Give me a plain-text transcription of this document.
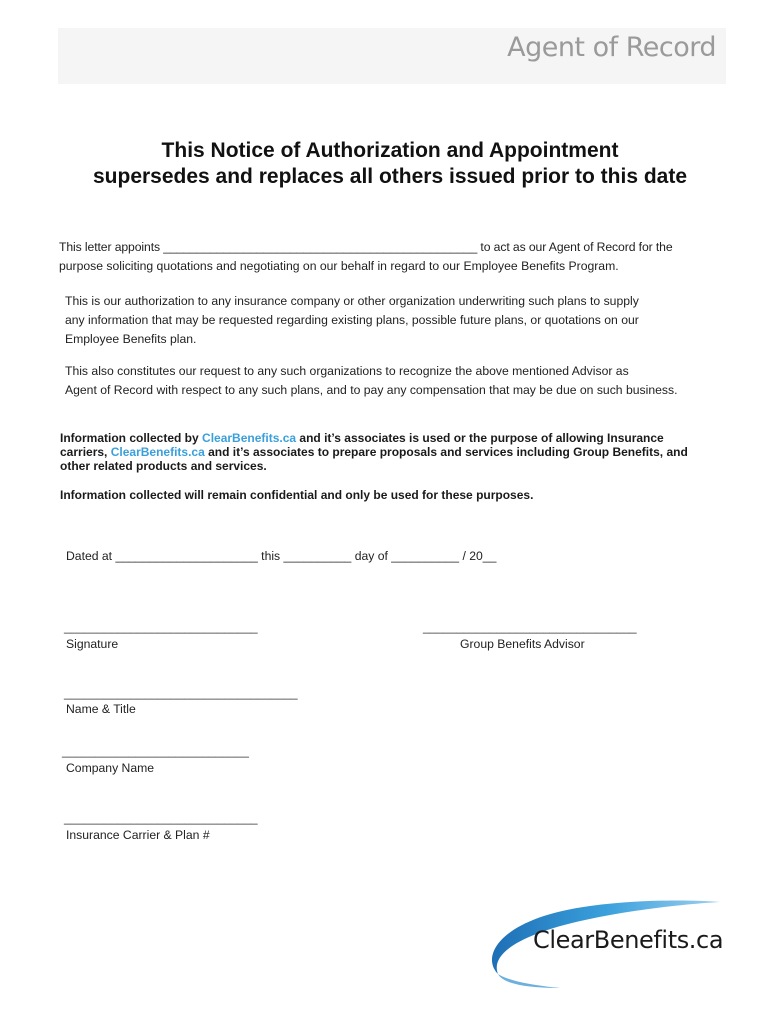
Agent of Record
This Notice of Authorization and Appointment
supersedes and replaces all others issued prior to this date
This letter appoints _______________________________________________ to act as our Agent of Record for the
purpose soliciting quotations and negotiating on our behalf in regard to our Employee Benefits Program.
This is our authorization to any insurance company or other organization underwriting such plans to supply
any information that may be requested regarding existing plans, possible future plans, or quotations on our
Employee Benefits plan.
This also constitutes our request to any such organizations to recognize the above mentioned Advisor as
Agent of Record with respect to any such plans, and to pay any compensation that may be due on such business.
Information collected by ClearBenefits.ca and it’s associates is used or the purpose of allowing Insurance
carriers, ClearBenefits.ca and it’s associates to prepare proposals and services including Group Benefits, and
other related products and services.
Information collected will remain confidential and only be used for these purposes.
Dated at _____________________ this __________ day of __________ / 20__
_____________________________
Signature
________________________________
Group Benefits Advisor
___________________________________
Name & Title
____________________________
Company Name
_____________________________
Insurance Carrier & Plan #
ClearBenefits.ca
